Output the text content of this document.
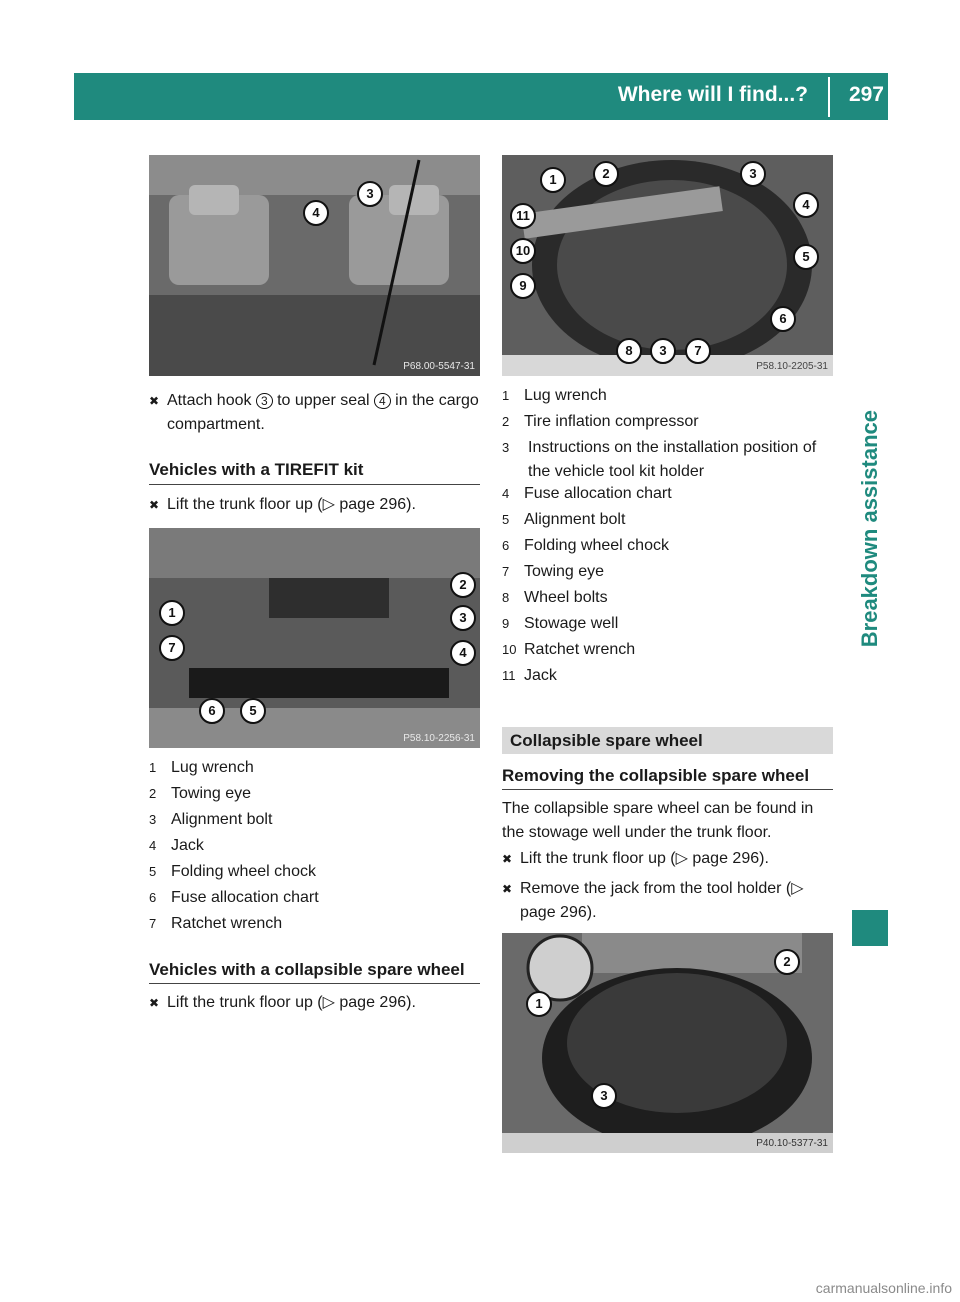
Where will I find...? 297
Breakdown assistance
4
3
P68.00-5547-31
✖ Attach hook 3 to upper seal 4 in the cargo compartment.
Vehicles with a TIREFIT kit
✖ Lift the trunk floor up (▷ page 296).
1
7
6	5
2
3
4
P58.10-2256-31
1 Lug wrench
2 Towing eye
3 Alignment bolt
4 Jack
5 Folding wheel chock
6 Fuse allocation chart
7 Ratchet wrench
Vehicles with a collapsible spare wheel
✖ Lift the trunk floor up (▷ page 296).
1	2	3
11
10
9
4
5
6
8	3	7
P58.10-2205-31
1 Lug wrench
2 Tire inflation compressor
3	Instructions on the installation position of the vehicle tool kit holder
4 Fuse allocation chart
5 Alignment bolt
6 Folding wheel chock
7 Towing eye
8 Wheel bolts
9 Stowage well
10 Ratchet wrench
11 Jack
Collapsible spare wheel
Removing the collapsible spare wheel
The collapsible spare wheel can be found in the stowage well under the trunk floor.
✖ Lift the trunk floor up (▷ page 296).
✖ Remove the jack from the tool holder (▷ page 296).
1
2
3
P40.10-5377-31
carmanualsonline.info
